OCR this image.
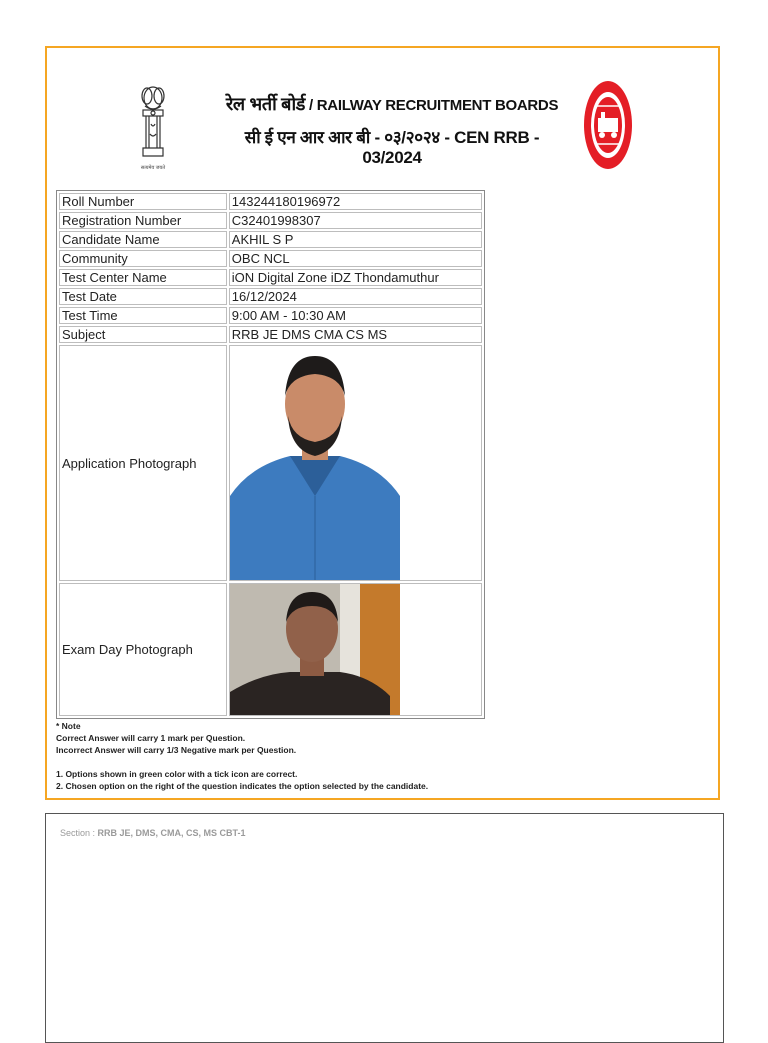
सत्यमेव जयते
रेल भर्ती बोर्ड / RAILWAY RECRUITMENT BOARDS
सी ई एन आर आर बी - ०३/२०२४ - CEN RRB - 03/2024
Roll Number	143244180196972
Registration Number	C32401998307
Candidate Name	AKHIL S P
Community	OBC NCL
Test Center Name	iON Digital Zone iDZ Thondamuthur
Test Date	16/12/2024
Test Time	9:00 AM - 10:30 AM
Subject	RRB JE DMS CMA CS MS
Application Photograph	

Exam Day Photograph	

* Note

Correct Answer will carry 1 mark per Question.

Incorrect Answer will carry 1/3 Negative mark per Question.

1. Options shown in green color with a tick icon are correct.

2. Chosen option on the right of the question indicates the option selected by the candidate.

Section : RRB JE, DMS, CMA, CS, MS CBT-1
